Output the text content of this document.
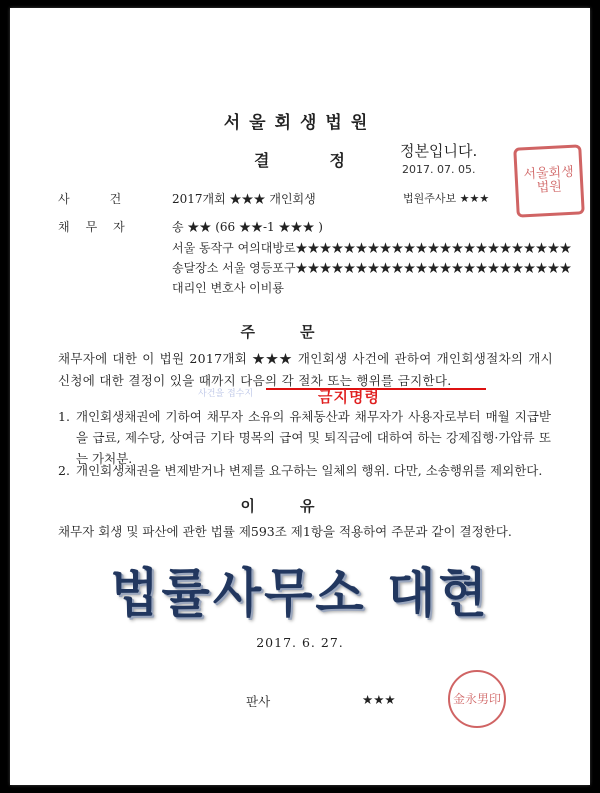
서울회생법원
결정
정본입니다.
2017. 07. 05.
법원주사보 ★★★
서울회생법원
사건 2017개회 ★★★ 개인회생
채무자	송 ★★ (66 ★★-1 ★★★ )
서울 동작구 여의대방로★★★★★★★★★★★★★★★★★★★★★★★
송달장소 서울 영등포구★★★★★★★★★★★★★★★★★★★★★★★
대리인 변호사 이비룡
주문
채무자에 대한 이 법원 2017개회 ★★★ 개인회생 사건에 관하여 개인회생절차의 개시신청에 대한 결정이 있을 때까지 다음의 각 절차 또는 행위를 금지한다.
사건을 접수지	금지명령
1. 개인회생채권에 기하여 채무자 소유의 유체동산과 채무자가 사용자로부터 매월 지급받을 급료, 제수당, 상여금 기타 명목의 급여 및 퇴직금에 대하여 하는 강제집행·가압류 또는 가처분.
2. 개인회생채권을 변제받거나 변제를 요구하는 일체의 행위. 다만, 소송행위를 제외한다.
이유
채무자 회생 및 파산에 관한 법률 제593조 제1항을 적용하여 주문과 같이 결정한다.
법률사무소 대현
2017. 6. 27.
판사	★★★	金永男印
